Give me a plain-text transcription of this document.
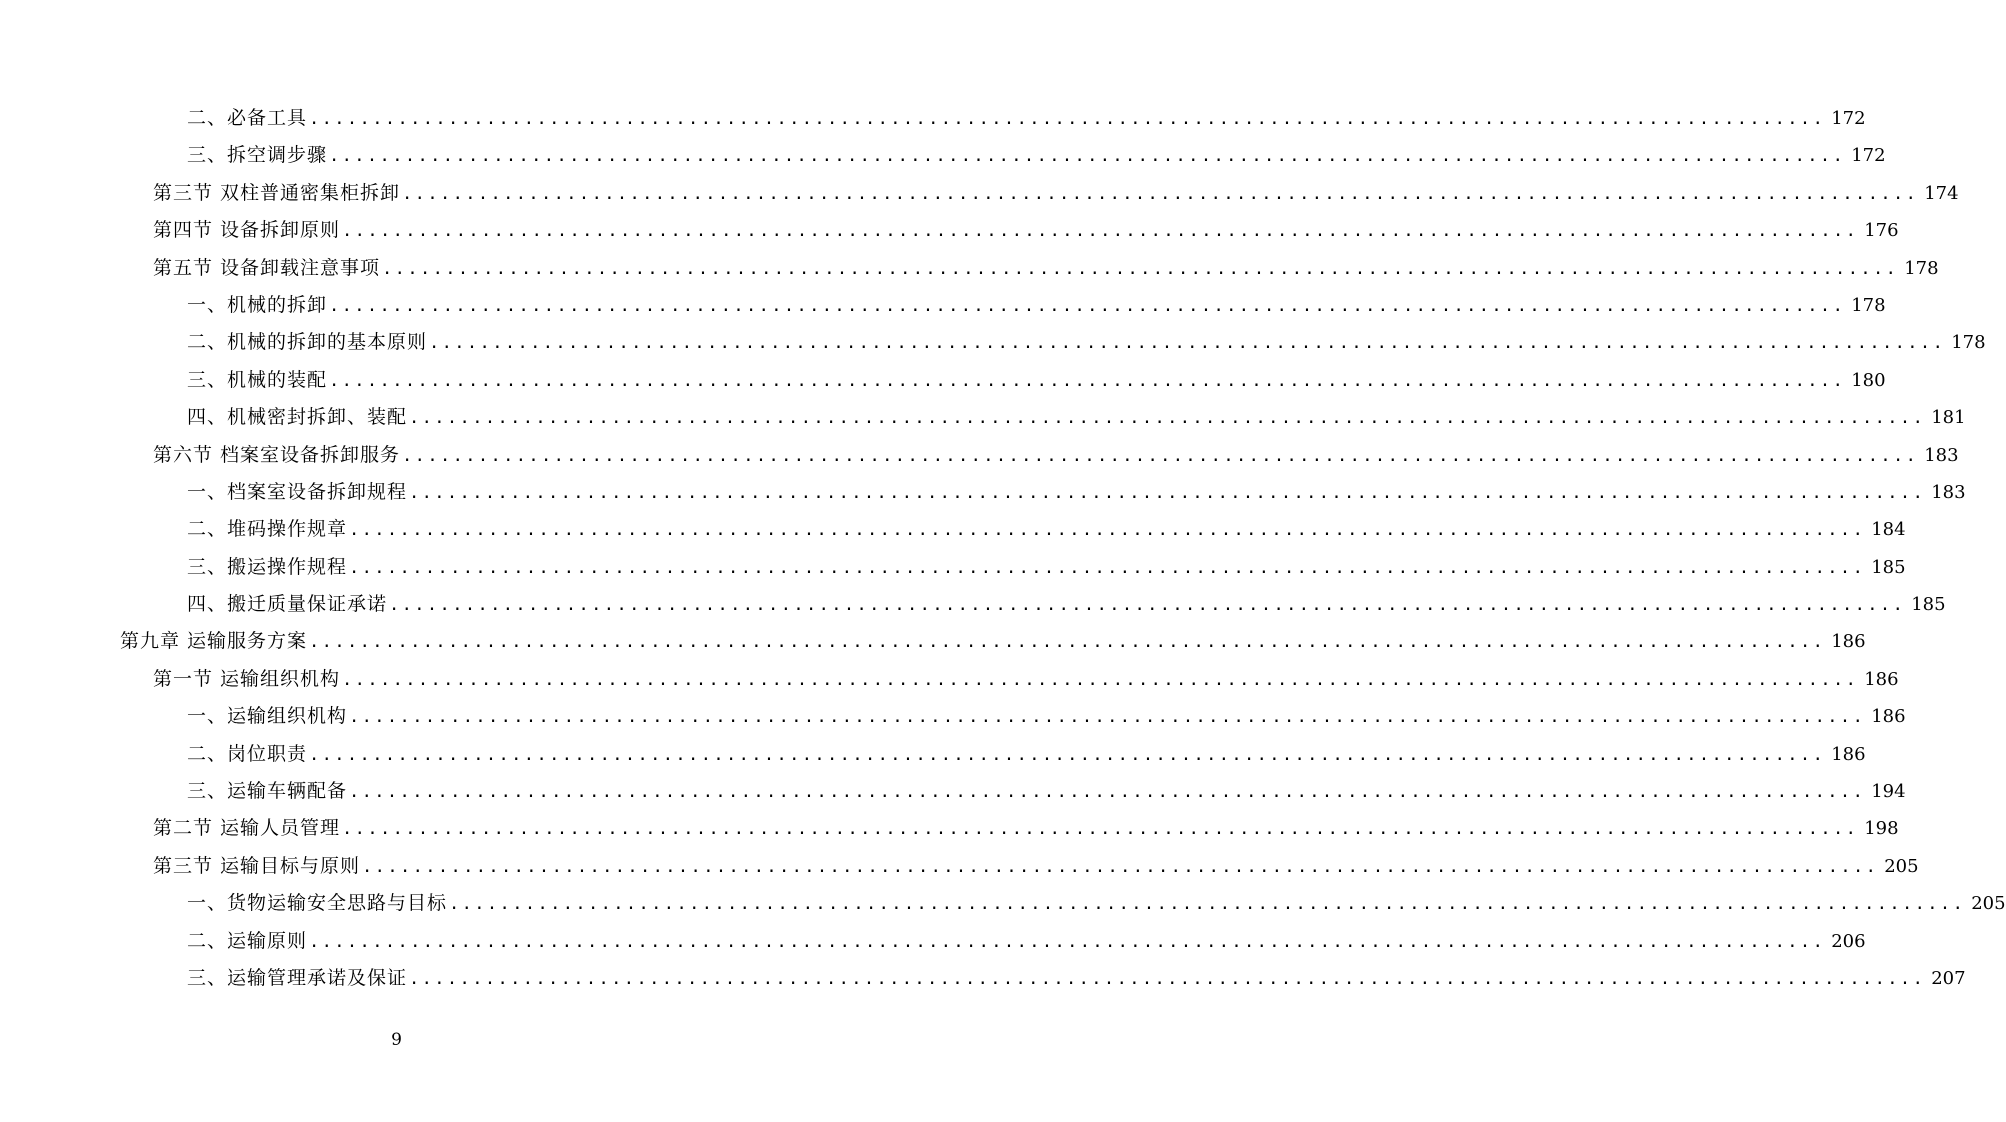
二、必备工具 ........................................................................................................................ 172
三、拆空调步骤 ........................................................................................................................ 172
第三节 双柱普通密集柜拆卸 ........................................................................................................................ 174
第四节 设备拆卸原则 ........................................................................................................................ 176
第五节 设备卸载注意事项 ........................................................................................................................ 178
一、机械的拆卸 ........................................................................................................................ 178
二、机械的拆卸的基本原则 ........................................................................................................................ 178
三、机械的装配 ........................................................................................................................ 180
四、机械密封拆卸、装配 ........................................................................................................................ 181
第六节 档案室设备拆卸服务 ........................................................................................................................ 183
一、档案室设备拆卸规程 ........................................................................................................................ 183
二、堆码操作规章 ........................................................................................................................ 184
三、搬运操作规程 ........................................................................................................................ 185
四、搬迁质量保证承诺 ........................................................................................................................ 185
第九章 运输服务方案 ........................................................................................................................ 186
第一节 运输组织机构 ........................................................................................................................ 186
一、运输组织机构 ........................................................................................................................ 186
二、岗位职责 ........................................................................................................................ 186
三、运输车辆配备 ........................................................................................................................ 194
第二节 运输人员管理 ........................................................................................................................ 198
第三节 运输目标与原则 ........................................................................................................................ 205
一、货物运输安全思路与目标 ........................................................................................................................ 205
二、运输原则 ........................................................................................................................ 206
三、运输管理承诺及保证 ........................................................................................................................ 207
9
